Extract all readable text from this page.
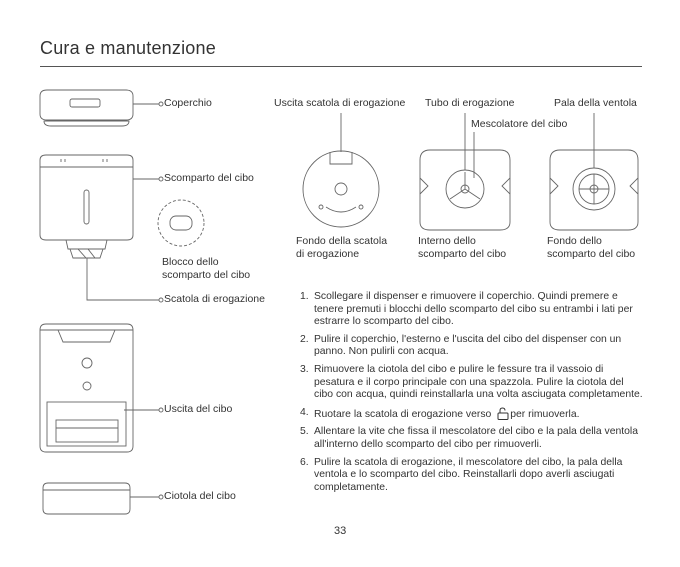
Cura e manutenzione
Coperchio
Scomparto del cibo
Blocco dello
scomparto del cibo
Scatola di erogazione
Uscita del cibo
Ciotola del cibo
Uscita scatola di erogazione Tubo di erogazione	Pala della ventola
Mescolatore del cibo
Fondo della scatola
di erogazione
Interno dello
scomparto del cibo
Fondo dello
scomparto del cibo
1. Scollegare il dispenser e rimuovere il coperchio. Quindi premere e tenere premuti i blocchi dello scomparto del cibo su entrambi i lati per estrarre lo scomparto del cibo.
2. Pulire il coperchio, l'esterno e l'uscita del cibo del dispenser con un panno. Non pulirli con acqua.
3. Rimuovere la ciotola del cibo e pulire le fessure tra il vassoio di pesatura e il corpo principale con una spazzola. Pulire la ciotola del cibo con acqua, quindi reinstallarla una volta asciugata completamente.
4. Ruotare la scatola di erogazione verso per rimuoverla.
5. Allentare la vite che fissa il mescolatore del cibo e la pala della ventola all'interno dello scomparto del cibo per rimuoverli.
6. Pulire la scatola di erogazione, il mescolatore del cibo, la pala della ventola e lo scomparto del cibo. Reinstallarli dopo averli asciugati completamente.
33
